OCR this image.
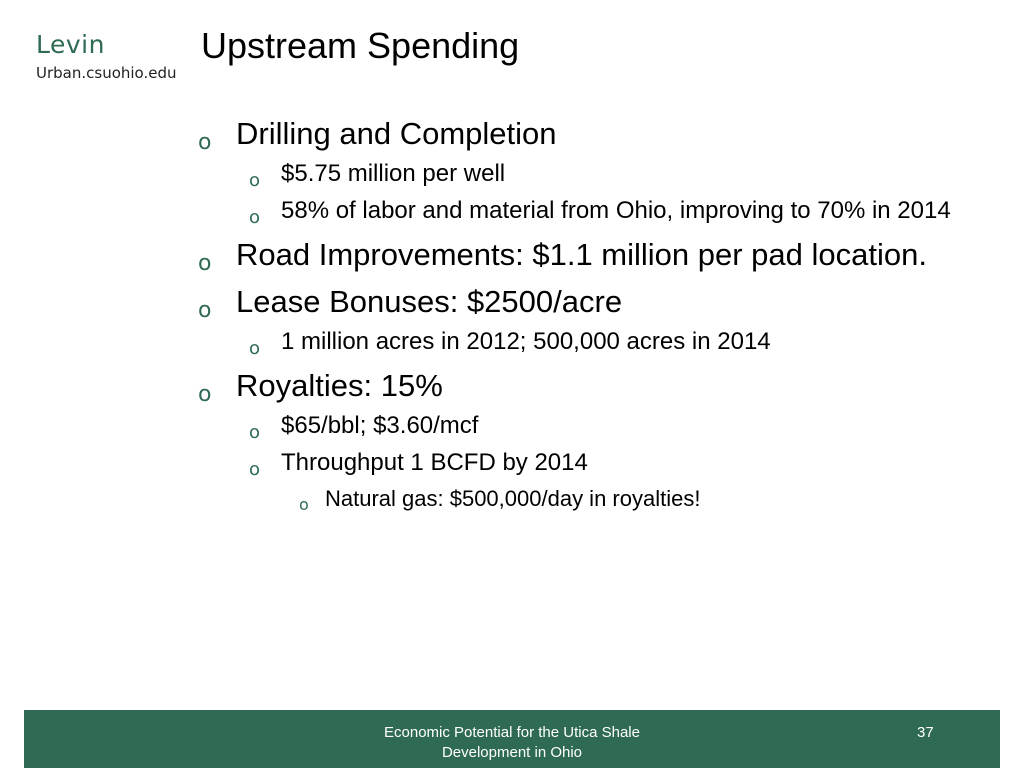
Levin
Urban.csuohio.edu
Upstream Spending
o Drilling and Completion
o $5.75 million per well
o 58% of labor and material from Ohio, improving to 70% in 2014
o Road Improvements: $1.1 million per pad location.
o Lease Bonuses: $2500/acre
o 1 million acres in 2012; 500,000 acres in 2014
o Royalties: 15%
o $65/bbl; $3.60/mcf
o Throughput 1 BCFD by 2014
o Natural gas: $500,000/day in royalties!
Economic Potential for the Utica Shale Development in Ohio
37
